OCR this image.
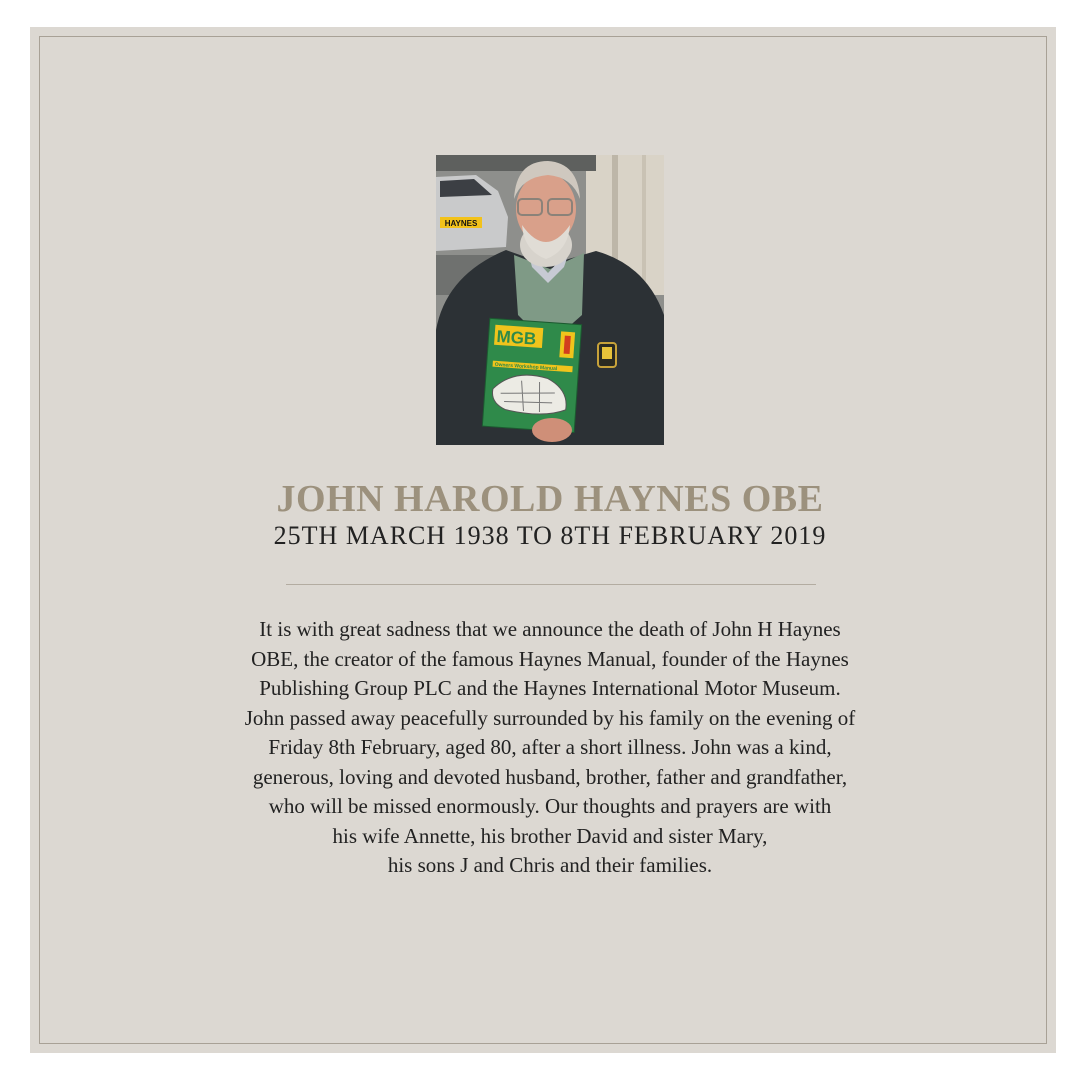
HAYNES
MGB
Owners Workshop Manual
JOHN HAROLD HAYNES OBE
25TH MARCH 1938 TO 8TH FEBRUARY 2019
It is with great sadness that we announce the death of John H Haynes
OBE, the creator of the famous Haynes Manual, founder of the Haynes
Publishing Group PLC and the Haynes International Motor Museum.
John passed away peacefully surrounded by his family on the evening of
Friday 8th February, aged 80, after a short illness. John was a kind,
generous, loving and devoted husband, brother, father and grandfather,
who will be missed enormously. Our thoughts and prayers are with
his wife Annette, his brother David and sister Mary,
his sons J and Chris and their families.
